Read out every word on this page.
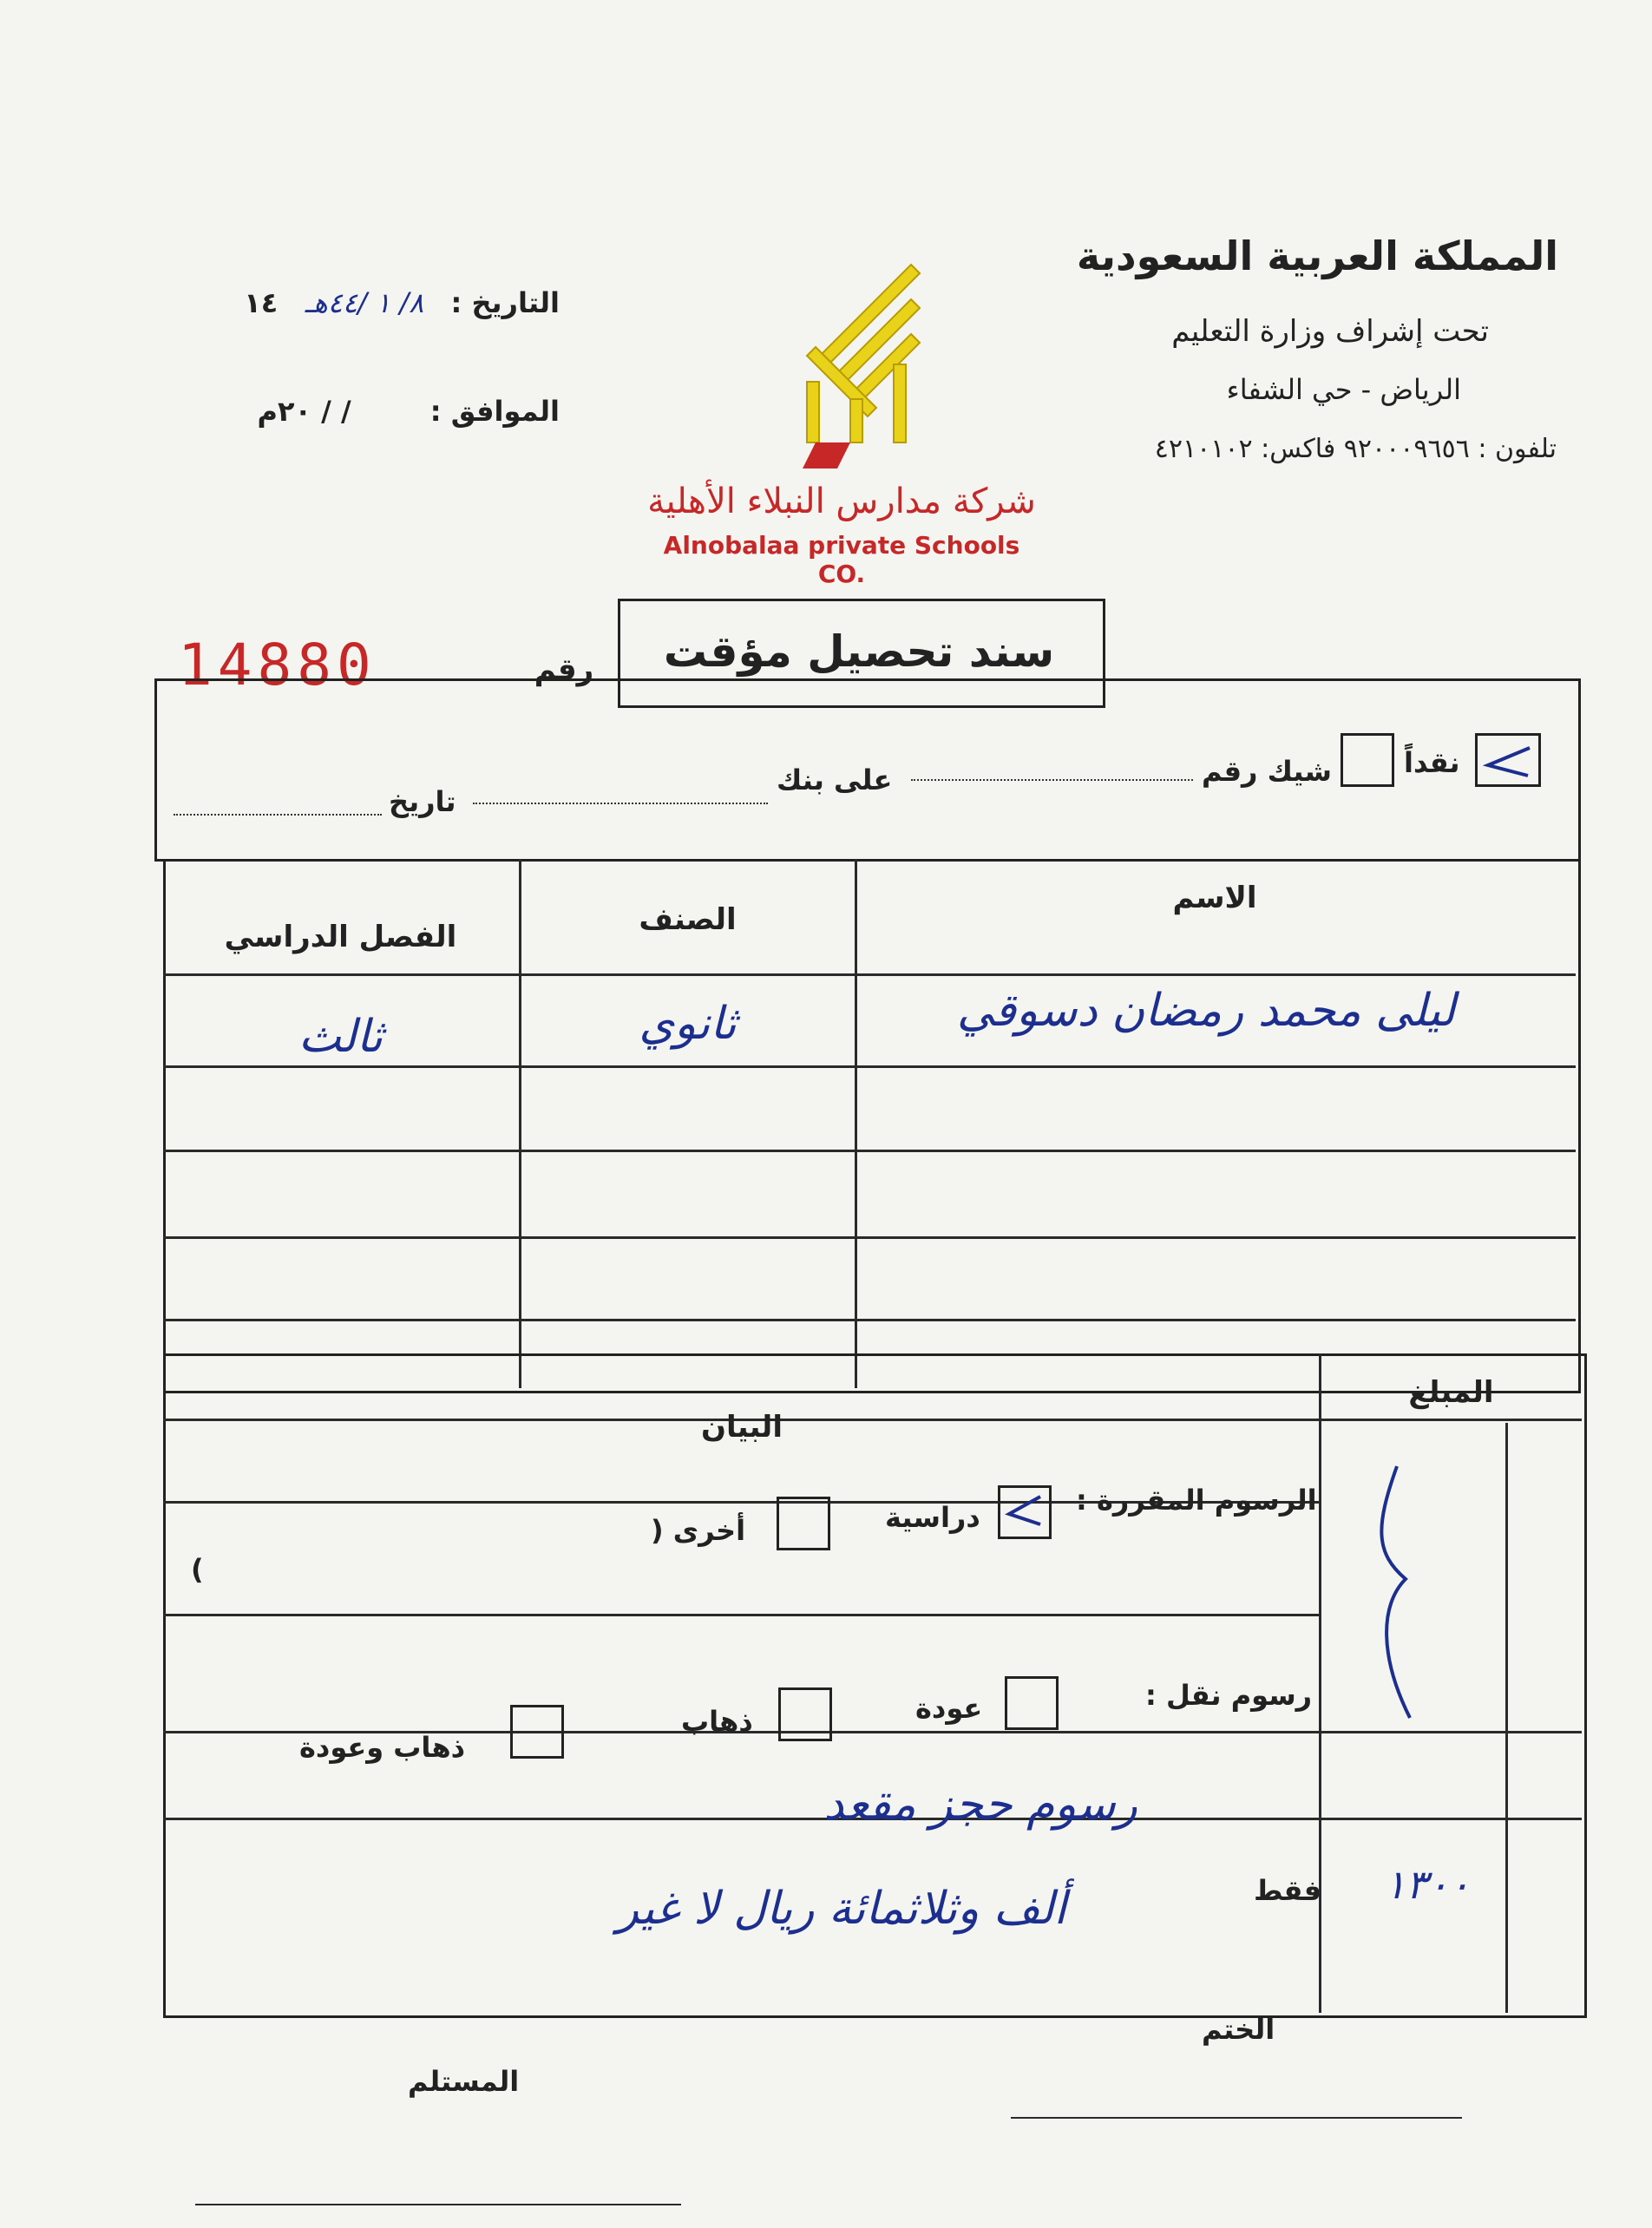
المملكة العربية السعودية
تحت إشراف وزارة التعليم
الرياض - حي الشفاء
تلفون : ٩٢٠٠٠٩٦٥٦ فاكس: ٤٢١٠١٠٢
التاريخ : ٨/ ١ /٤٤هـ ١٤
الموافق : / / ٢٠م
شركة مدارس النبلاء الأهلية
Alnobalaa private Schools CO.
سند تحصيل مؤقت
رقم
14880
نقداً
شيك رقم
على بنك
تاريخ
الاسم
الصنف
الفصل الدراسي
ليلى محمد رمضان دسوقي
ثانوي
ثالث
المبلغ
البيان
الرسوم المقررة :
دراسية
أخرى (
)
رسوم نقل :
عودة
ذهاب
ذهاب وعودة
رسوم حجز مقعد
فقط
ألف وثلاثمائة ريال لا غير	١٣٠٠
الختم
المستلم
